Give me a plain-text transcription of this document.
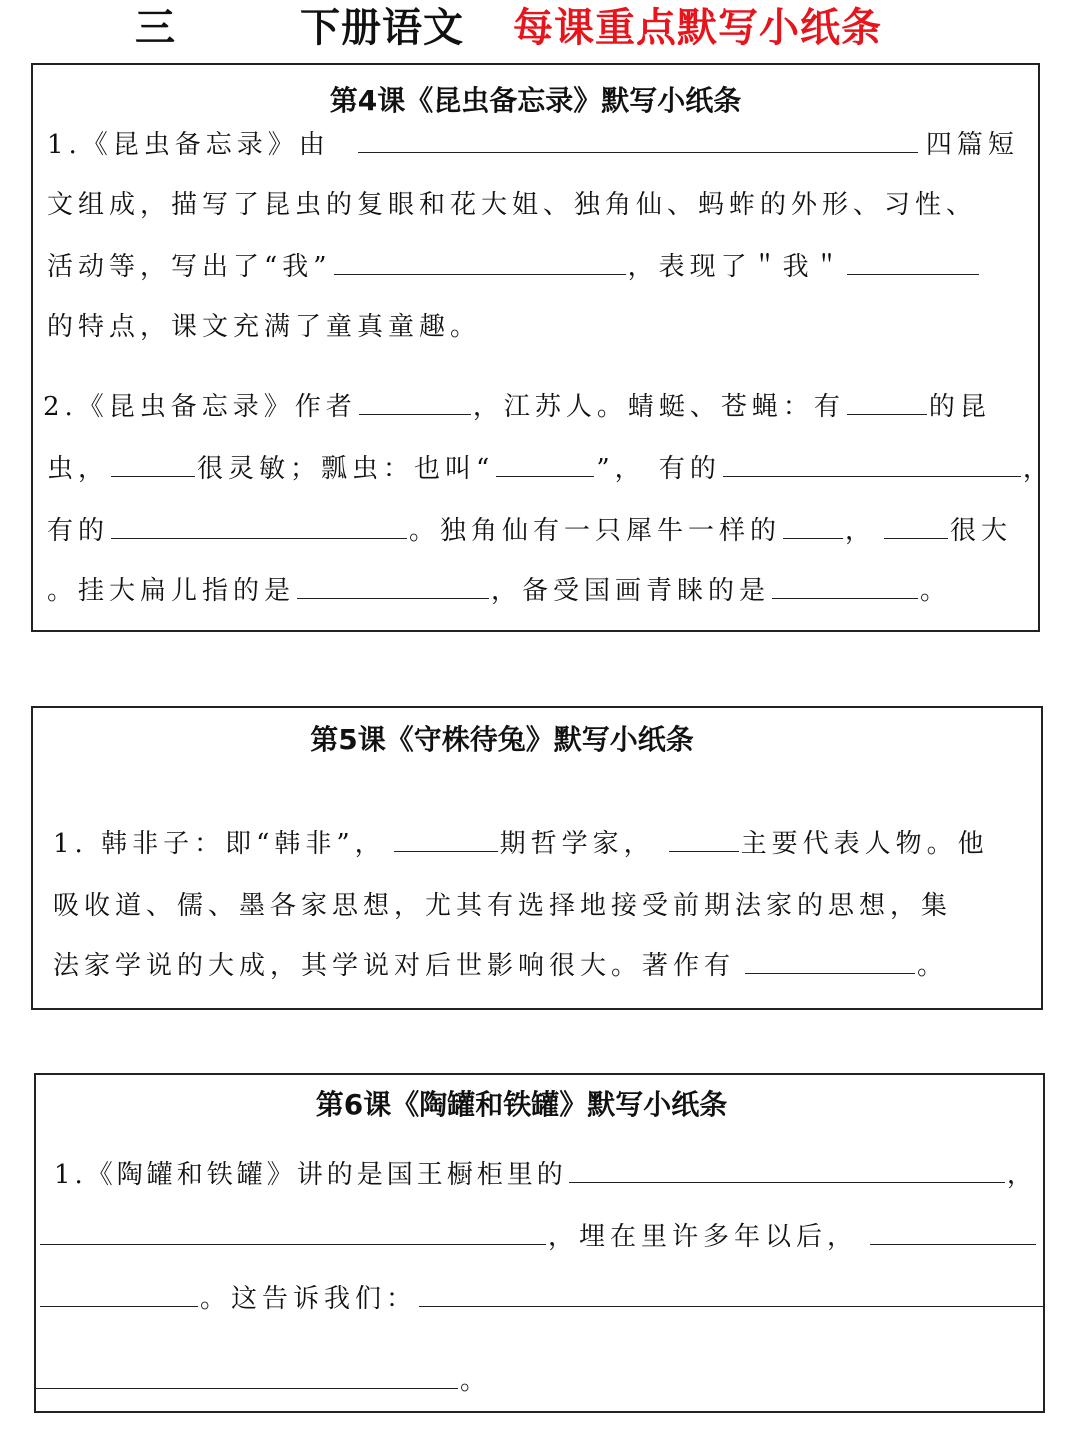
三	下册语文 每课重点默写小纸条
第4课《昆虫备忘录》默写小纸条
1.《昆虫备忘录》由	四篇短
文组成，描写了昆虫的复眼和花大姐、独角仙、蚂蚱的外形、习性、
活动等，写出了“我”	，表现了＂我＂
的特点，课文充满了童真童趣。
2.《昆虫备忘录》作者	，江苏人。蜻蜓、苍蝇：有	的昆
虫，	很灵敏；瓢虫：也叫“	”， 有的	，
有的	。独角仙有一只犀牛一样的 ，	很大
。挂大扁儿指的是	，备受国画青睐的是	。
第5课《守株待兔》默写小纸条
1. 韩非子：即“韩非”，	期哲学家，	主要代表人物。他
吸收道、儒、墨各家思想，尤其有选择地接受前期法家的思想，集
法家学说的大成，其学说对后世影响很大。著作有	。
第6课《陶罐和铁罐》默写小纸条
1.《陶罐和铁罐》讲的是国王橱柜里的	，
，埋在里许多年以后，
。这告诉我们：
。
